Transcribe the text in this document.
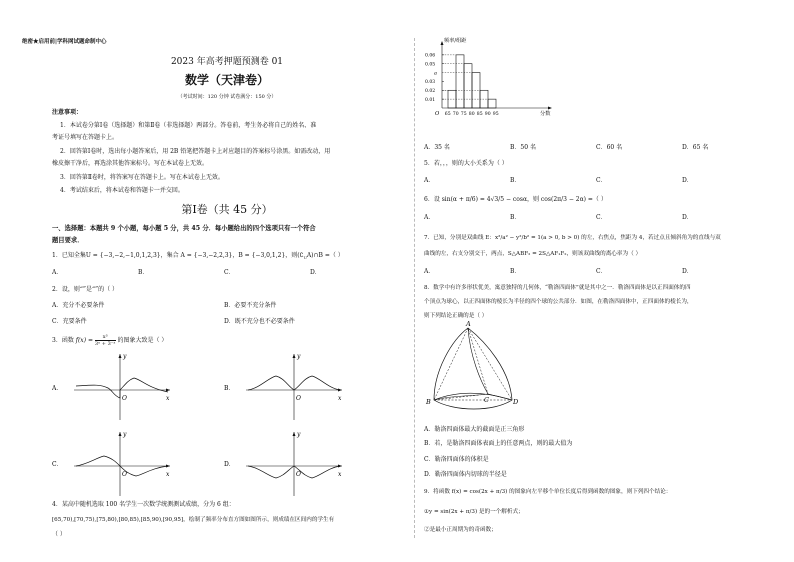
绝密★启用前|学科网试题命制中心
2023 年高考押题预测卷 01
数学（天津卷）
（考试时间：120 分钟 试卷满分：150 分）
注意事项：
1．本试卷分第Ⅰ卷（选择题）和第Ⅱ卷（非选择题）两部分。答卷前，考生务必将自己的姓名、准
考证号填写在答题卡上。
2．回答第Ⅰ卷时，选出每小题答案后，用 2B 铅笔把答题卡上对应题目的答案标号涂黑。如需改动，用
橡皮擦干净后，再选涂其他答案标号。写在本试卷上无效。
3．回答第Ⅱ卷时，将答案写在答题卡上。写在本试卷上无效。
4．考试结束后，将本试卷和答题卡一并交回。
第Ⅰ卷（共 45 分）
一、选择题：本题共 9 个小题，每小题 5 分，共 45 分．每小题给出的四个选项只有一个符合
题目要求．
1．已知全集U = {−3,−2,−1,0,1,2,3}，集合 A = {−3,−2,2,3}，B = {−3,0,1,2}，则$(∁_UA)\cap B$ =（ ）
A．	B．	C．	D．
2．设，则“”是“”的（ ）
A．充分不必要条件	B．必要不充分条件
C．充要条件	D．既不充分也不必要条件
3．函数 $f(x) = \frac{\text{x³}}{\text{3ˣ + 3⁻ˣ}}$ 的图象大致是（ ）
A．
y
x
O
B．
y
x
O
C．
y
x
O
D．
y
x
O
4．某高中随机选取 100 名学生一次数学统测测试成绩，分为 6 组：
[65,70),[70,75),[75,80),[80,85),[85,90),[90,95]，绘制了频率分布直方图如图所示，则成绩在区间内的学生有
（ ）
频率/组距
分数
O
0.01
0.02
0.03
0.05
0.06
a
65 70 75 80 85 90 95
A．35 名	B．50 名	C．60 名	D．65 名
5．若，，，则的大小关系为（ ）
A．	B．	C．	D．
6．设 sin(α + π/6) = 4√3/5 − cosα，则 cos(2π/3 − 2α) =（ ）
A．	B．	C．	D．
7．已知，分别是双曲线 E：x²/a² − y²/b² = 1(a > 0, b > 0) 的左，右焦点，焦距为 4，若过点且倾斜角为的直线与双
曲线的左，右支分别交于，两点，S△ABF₂ = 2S△AF₁F₂，则该双曲线的离心率为（ ）
A．	B．	C．	D．
8．数学中有许多形状优美，寓意独特的几何体，“勒洛四面体”就是其中之一．勒洛四面体是以正四面体的四
个顶点为球心，以正四面体的棱长为半径的四个球的公共部分．如图，在勒洛四面体中，正四面体的棱长为，
则下列结论正确的是（ ）
A
B	C	D
A．勒洛四面体最大的截面是正三角形
B．若，是勒洛四面体表面上的任意两点，则的最大值为
C．勒洛四面体的体积是
D．勒洛四面体内切球的半径是
9．将函数 f(x) = cos(2x + π/3) 的图象向左平移个单位长度后得到函数的图象，则下列四个结论：
①y = sin(2x + π/3) 是的一个解析式；
②是最小正周期为的奇函数；
